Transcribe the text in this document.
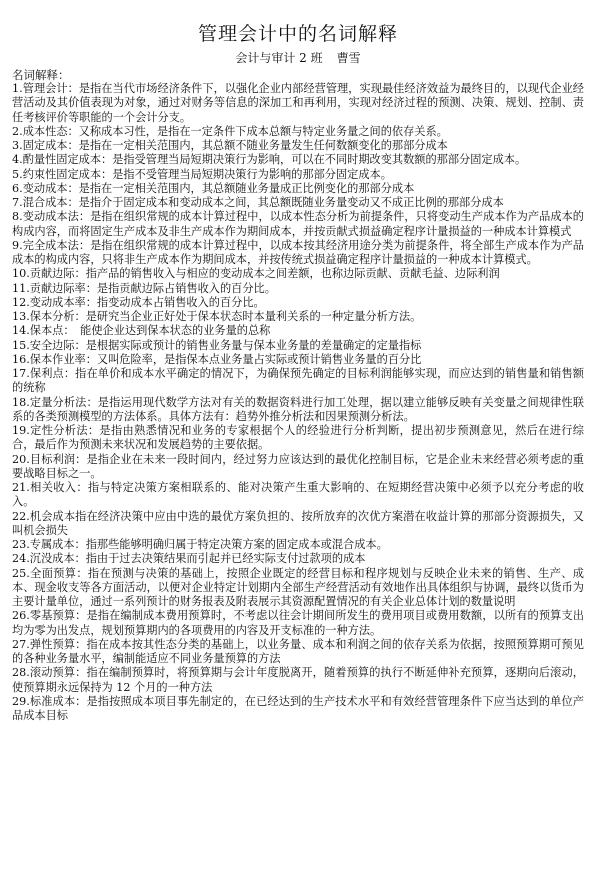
管理会计中的名词解释
会计与审计 2 班 曹雪
名词解释：
1.管理会计：是指在当代市场经济条件下，以强化企业内部经营管理，实现最佳经济效益为最终目的，以现代企业经营活动及其价值表现为对象，通过对财务等信息的深加工和再利用，实现对经济过程的预测、决策、规划、控制、责任考核评价等职能的一个会计分支。
2.成本性态：又称成本习性，是指在一定条件下成本总额与特定业务量之间的依存关系。
3.固定成本：是指在一定相关范围内，其总额不随业务量发生任何数额变化的那部分成本
4.酌量性固定成本：是指受管理当局短期决策行为影响，可以在不同时期改变其数额的那部分固定成本。
5.约束性固定成本：是指不受管理当局短期决策行为影响的那部分固定成本。
6.变动成本：是指在一定相关范围内，其总额随业务量成正比例变化的那部分成本
7.混合成本：是指介于固定成本和变动成本之间，其总额既随业务量变动又不成正比例的那部分成本
8.变动成本法：是指在组织常规的成本计算过程中，以成本性态分析为前提条件，只将变动生产成本作为产品成本的构成内容，而将固定生产成本及非生产成本作为期间成本，并按贡献式损益确定程序计量损益的一种成本计算模式
9.完全成本法：是指在组织常规的成本计算过程中，以成本按其经济用途分类为前提条件，将全部生产成本作为产品成本的构成内容，只将非生产成本作为期间成本，并按传统式损益确定程序计量损益的一种成本计算模式。
10.贡献边际：指产品的销售收入与相应的变动成本之间差额，也称边际贡献、贡献毛益、边际利润
11.贡献边际率：是指贡献边际占销售收入的百分比。
12.变动成本率：指变动成本占销售收入的百分比。
13.保本分析：是研究当企业正好处于保本状态时本量利关系的一种定量分析方法。
14.保本点：　能使企业达到保本状态的业务量的总称
15.安全边际：是根据实际或预计的销售业务量与保本业务量的差量确定的定量指标
16.保本作业率：又叫危险率，是指保本点业务量占实际或预计销售业务量的百分比
17.保利点：指在单价和成本水平确定的情况下，为确保预先确定的目标利润能够实现，而应达到的销售量和销售额的统称
18.定量分析法：是指运用现代数学方法对有关的数据资料进行加工处理，据以建立能够反映有关变量之间规律性联系的各类预测模型的方法体系。具体方法有：趋势外推分析法和因果预测分析法。
19.定性分析法：是指由熟悉情况和业务的专家根据个人的经验进行分析判断，提出初步预测意见，然后在进行综合，最后作为预测未来状况和发展趋势的主要依据。
20.目标利润：是指企业在未来一段时间内，经过努力应该达到的最优化控制目标，它是企业未来经营必须考虑的重要战略目标之一。
21.相关收入：指与特定决策方案相联系的、能对决策产生重大影响的、在短期经营决策中必须予以充分考虑的收入。
22.机会成本指在经济决策中应由中选的最优方案负担的、按所放弃的次优方案潜在收益计算的那部分资源损失，又叫机会损失
23.专属成本：指那些能够明确归属于特定决策方案的固定成本或混合成本。
24.沉没成本：指由于过去决策结果而引起并已经实际支付过款项的成本
25.全面预算：指在预测与决策的基础上，按照企业既定的经营目标和程序规划与反映企业未来的销售、生产、成本、现金收支等各方面活动，以便对企业特定计划期内全部生产经营活动有效地作出具体组织与协调，最终以货币为主要计量单位，通过一系列预计的财务报表及附表展示其资源配置情况的有关企业总体计划的数量说明
26.零基预算：是指在编制成本费用预算时，不考虑以往会计期间所发生的费用项目或费用数额，以所有的预算支出均为零为出发点，规划预算期内的各项费用的内容及开支标准的一种方法。
27.弹性预算：指在成本按其性态分类的基础上，以业务量、成本和利润之间的依存关系为依据，按照预算期可预见的各种业务量水平，编制能适应不同业务量预算的方法
28.滚动预算：指在编制预算时，将预算期与会计年度脱离开，随着预算的执行不断延伸补充预算，逐期向后滚动，使预算期永远保持为 12 个月的一种方法
29.标准成本：是指按照成本项目事先制定的，在已经达到的生产技术水平和有效经营管理条件下应当达到的单位产品成本目标
